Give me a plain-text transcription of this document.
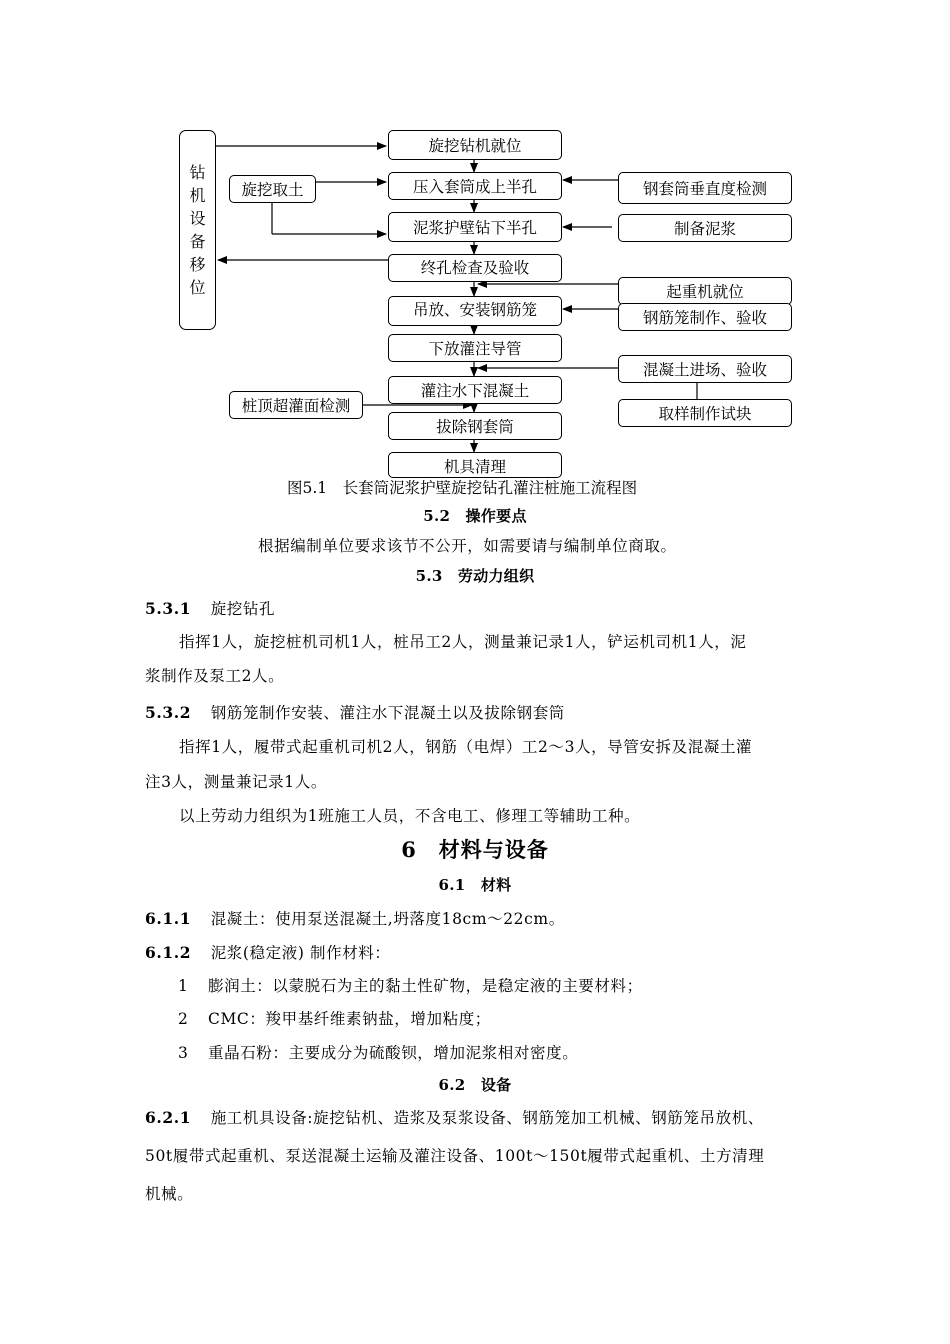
钻
机
设
备
移
位
旋挖钻机就位
压入套筒成上半孔
泥浆护壁钻下半孔
终孔检查及验收
吊放、安装钢筋笼
下放灌注导管
灌注水下混凝土
拔除钢套筒
机具清理
旋挖取土
桩顶超灌面检测
钢套筒垂直度检测
制备泥浆
起重机就位
钢筋笼制作、验收
混凝土进场、验收
取样制作试块
图5.1　长套筒泥浆护壁旋挖钻孔灌注桩施工流程图
5.2　操作要点
根据编制单位要求该节不公开，如需要请与编制单位商取。
5.3　劳动力组织
5.3.1 旋挖钻孔
指挥1人，旋挖桩机司机1人，桩吊工2人，测量兼记录1人，铲运机司机1人，泥
浆制作及泵工2人。
5.3.2 钢筋笼制作安装、灌注水下混凝土以及拔除钢套筒
指挥1人，履带式起重机司机2人，钢筋（电焊）工2～3人，导管安拆及混凝土灌
注3人，测量兼记录1人。
以上劳动力组织为1班施工人员，不含电工、修理工等辅助工种。
6　材料与设备
6.1　材料
6.1.1 混凝土：使用泵送混凝土,坍落度18cm～22cm。
6.1.2 泥浆(稳定液) 制作材料：
1 膨润土：以蒙脱石为主的黏土性矿物，是稳定液的主要材料；
2 CMC：羧甲基纤维素钠盐，增加粘度；
3 重晶石粉：主要成分为硫酸钡，增加泥浆相对密度。
6.2　设备
6.2.1 施工机具设备:旋挖钻机、造浆及泵浆设备、钢筋笼加工机械、钢筋笼吊放机、
50t履带式起重机、泵送混凝土运输及灌注设备、100t～150t履带式起重机、土方清理
机械。
